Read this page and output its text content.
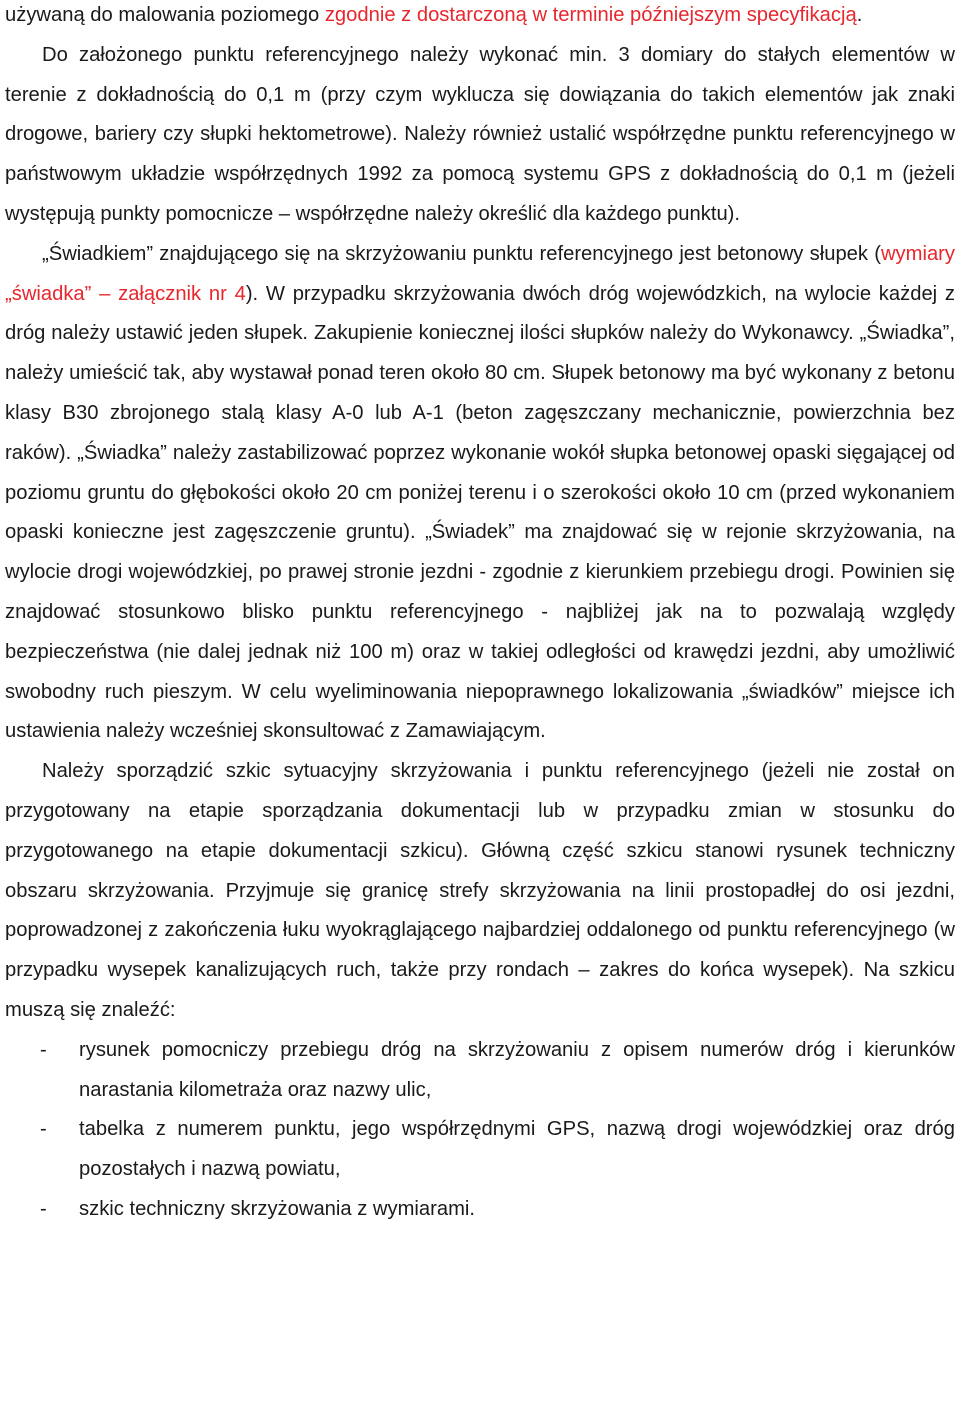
używaną do malowania poziomego zgodnie z dostarczoną w terminie późniejszym specyfikacją.

Do założonego punktu referencyjnego należy wykonać min. 3 domiary do stałych elementów w terenie z dokładnością do 0,1 m (przy czym wyklucza się dowiązania do takich elementów jak znaki drogowe, bariery czy słupki hektometrowe). Należy również ustalić współrzędne punktu referencyjnego w państwowym układzie współrzędnych 1992 za pomocą systemu GPS z dokładnością do 0,1 m (jeżeli występują punkty pomocnicze – współrzędne należy określić dla każdego punktu).

„Świadkiem” znajdującego się na skrzyżowaniu punktu referencyjnego jest betonowy słupek (wymiary „świadka” – załącznik nr 4). W przypadku skrzyżowania dwóch dróg wojewódzkich, na wylocie każdej z dróg należy ustawić jeden słupek. Zakupienie koniecznej ilości słupków należy do Wykonawcy. „Świadka”, należy umieścić tak, aby wystawał ponad teren około 80 cm. Słupek betonowy ma być wykonany z betonu klasy B30 zbrojonego stalą klasy A-0 lub A-1 (beton zagęszczany mechanicznie, powierzchnia bez raków). „Świadka” należy zastabilizować poprzez wykonanie wokół słupka betonowej opaski sięgającej od poziomu gruntu do głębokości około 20 cm poniżej terenu i o szerokości około 10 cm (przed wykonaniem opaski konieczne jest zagęszczenie gruntu). „Świadek” ma znajdować się w rejonie skrzyżowania, na wylocie drogi wojewódzkiej, po prawej stronie jezdni - zgodnie z kierunkiem przebiegu drogi. Powinien się znajdować stosunkowo blisko punktu referencyjnego - najbliżej jak na to pozwalają względy bezpieczeństwa (nie dalej jednak niż 100 m) oraz w takiej odległości od krawędzi jezdni, aby umożliwić swobodny ruch pieszym. W celu wyeliminowania niepoprawnego lokalizowania „świadków” miejsce ich ustawienia należy wcześniej skonsultować z Zamawiającym.

Należy sporządzić szkic sytuacyjny skrzyżowania i punktu referencyjnego (jeżeli nie został on przygotowany na etapie sporządzania dokumentacji lub w przypadku zmian w stosunku do przygotowanego na etapie dokumentacji szkicu). Główną część szkicu stanowi rysunek techniczny obszaru skrzyżowania. Przyjmuje się granicę strefy skrzyżowania na linii prostopadłej do osi jezdni, poprowadzonej z zakończenia łuku wyokrąglającego najbardziej oddalonego od punktu referencyjnego (w przypadku wysepek kanalizujących ruch, także przy rondach – zakres do końca wysepek). Na szkicu muszą się znaleźć:

- rysunek pomocniczy przebiegu dróg na skrzyżowaniu z opisem numerów dróg i kierunków narastania kilometraża oraz nazwy ulic,
- tabelka z numerem punktu, jego współrzędnymi GPS, nazwą drogi wojewódzkiej oraz dróg pozostałych i nazwą powiatu,
- szkic techniczny skrzyżowania z wymiarami.
